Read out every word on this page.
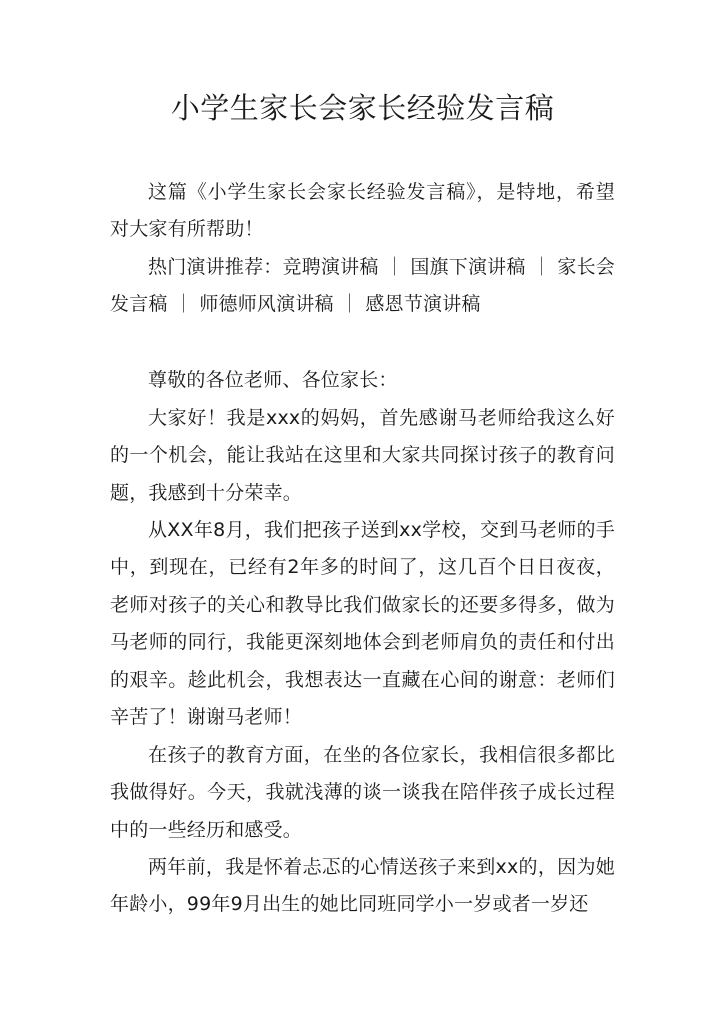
小学生家长会家长经验发言稿

这篇《小学生家长会家长经验发言稿》，是特地，希望对大家有所帮助！

热门演讲推荐：竞聘演讲稿 ｜ 国旗下演讲稿 ｜ 家长会发言稿 ｜ 师德师风演讲稿 ｜ 感恩节演讲稿

尊敬的各位老师、各位家长：

大家好！我是xxx的妈妈，首先感谢马老师给我这么好的一个机会，能让我站在这里和大家共同探讨孩子的教育问题，我感到十分荣幸。

从XX年8月，我们把孩子送到xx学校，交到马老师的手中，到现在，已经有2年多的时间了，这几百个日日夜夜，老师对孩子的关心和教导比我们做家长的还要多得多，做为马老师的同行，我能更深刻地体会到老师肩负的责任和付出的艰辛。趁此机会，我想表达一直藏在心间的谢意：老师们辛苦了！谢谢马老师！

在孩子的教育方面，在坐的各位家长，我相信很多都比我做得好。今天，我就浅薄的谈一谈我在陪伴孩子成长过程中的一些经历和感受。

两年前，我是怀着忐忑的心情送孩子来到xx的，因为她年龄小，99年9月出生的她比同班同学小一岁或者一岁还
